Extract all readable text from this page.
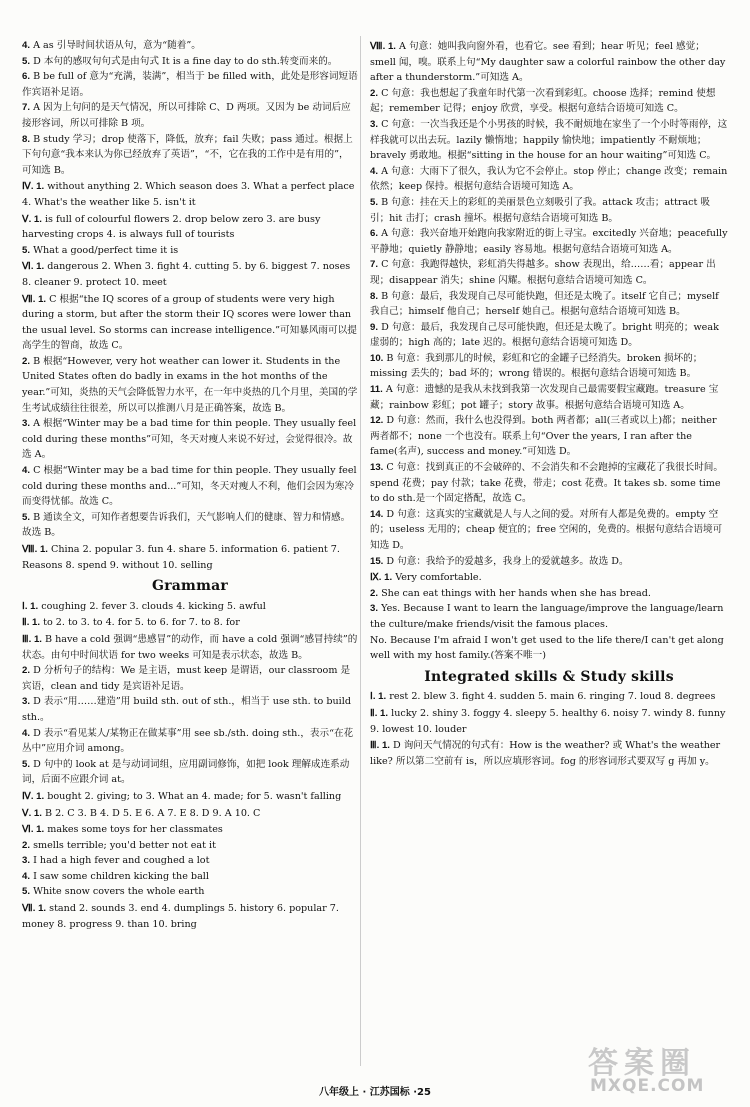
4. A as 引导时间状语从句，意为“随着”。
5. D 本句的感叹句句式是由句式 It is a fine day to do sth.转变而来的。
6. B be full of 意为“充满，装满”，相当于 be filled with，此处是形容词短语作宾语补足语。
7. A 因为上句问的是天气情况，所以可排除 C、D 两项。又因为 be 动词后应接形容词，所以可排除 B 项。
8. B study 学习；drop 使落下，降低，放弃；fail 失败；pass 通过。根据上下句句意“我本来认为你已经放弃了英语”，“不，它在我的工作中是有用的”，可知选 B。
Ⅳ. 1. without anything 2. Which season does 3. What a perfect place 4. What's the weather like 5. isn't it
Ⅴ. 1. is full of colourful flowers 2. drop below zero 3. are busy harvesting crops 4. is always full of tourists
5. What a good/perfect time it is
Ⅵ. 1. dangerous 2. When 3. fight 4. cutting 5. by 6. biggest 7. noses 8. cleaner 9. protect 10. meet
Ⅶ. 1. C 根据“the IQ scores of a group of students were very high during a storm, but after the storm their IQ scores were lower than the usual level. So storms can increase intelligence.”可知暴风雨可以提高学生的智商，故选 C。
2. B 根据“However, very hot weather can lower it. Students in the United States often do badly in exams in the hot months of the year.”可知，炎热的天气会降低智力水平，在一年中炎热的几个月里，美国的学生考试成绩往往很差，所以可以推测八月是正确答案，故选 B。
3. A 根据“Winter may be a bad time for thin people. They usually feel cold during these months”可知，冬天对瘦人来说不好过，会觉得很冷。故选 A。
4. C 根据“Winter may be a bad time for thin people. They usually feel cold during these months and...”可知，冬天对瘦人不利，他们会因为寒冷而变得忧郁。故选 C。
5. B 通读全文，可知作者想要告诉我们，天气影响人们的健康、智力和情感。故选 B。
Ⅷ. 1. China 2. popular 3. fun 4. share 5. information 6. patient 7. Reasons 8. spend 9. without 10. selling
Grammar
Ⅰ. 1. coughing 2. fever 3. clouds 4. kicking 5. awful
Ⅱ. 1. to 2. to 3. to 4. for 5. to 6. for 7. to 8. for
Ⅲ. 1. B have a cold 强调“患感冒”的动作，而 have a cold 强调“感冒持续”的状态。由句中时间状语 for two weeks 可知是表示状态，故选 B。
2. D 分析句子的结构：We 是主语，must keep 是谓语，our classroom 是宾语，clean and tidy 是宾语补足语。
3. D 表示“用……建造”用 build sth. out of sth.，相当于 use sth. to build sth.。
4. D 表示“看见某人/某物正在做某事”用 see sb./sth. doing sth.，表示“在花丛中”应用介词 among。
5. D 句中的 look at 是与动词词组，应用副词修饰，如把 look 理解成连系动词，后面不应跟介词 at。
Ⅳ. 1. bought 2. giving; to 3. What an 4. made; for 5. wasn't falling
Ⅴ. 1. B 2. C 3. B 4. D 5. E 6. A 7. E 8. D 9. A 10. C
Ⅵ. 1. makes some toys for her classmates
2. smells terrible; you'd better not eat it
3. I had a high fever and coughed a lot
4. I saw some children kicking the ball
5. White snow covers the whole earth
Ⅶ. 1. stand 2. sounds 3. end 4. dumplings 5. history 6. popular 7. money 8. progress 9. than 10. bring
Ⅷ. 1. A 句意：她叫我向窗外看，也看它。see 看到；hear 听见；feel 感觉；smell 闻，嗅。联系上句“My daughter saw a colorful rainbow the other day after a thunderstorm.”可知选 A。
2. C 句意：我也想起了我童年时代第一次看到彩虹。choose 选择；remind 使想起；remember 记得；enjoy 欣赏，享受。根据句意结合语境可知选 C。
3. C 句意：一次当我还是个小男孩的时候，我不耐烦地在家坐了一个小时等雨停，这样我就可以出去玩。lazily 懒惰地；happily 愉快地；impatiently 不耐烦地；bravely 勇敢地。根据“sitting in the house for an hour waiting”可知选 C。
4. A 句意：大雨下了很久，我认为它不会停止。stop 停止；change 改变；remain 依然；keep 保持。根据句意结合语境可知选 A。
5. B 句意：挂在天上的彩虹的美丽景色立刻吸引了我。attack 攻击；attract 吸引；hit 击打；crash 撞坏。根据句意结合语境可知选 B。
6. A 句意：我兴奋地开始跑向我家附近的街上寻宝。excitedly 兴奋地；peacefully 平静地；quietly 静静地；easily 容易地。根据句意结合语境可知选 A。
7. C 句意：我跑得越快，彩虹消失得越多。show 表现出，给……看；appear 出现；disappear 消失；shine 闪耀。根据句意结合语境可知选 C。
8. B 句意：最后，我发现自己尽可能快跑，但还是太晚了。itself 它自己；myself 我自己；himself 他自己；herself 她自己。根据句意结合语境可知选 B。
9. D 句意：最后，我发现自己尽可能快跑，但还是太晚了。bright 明亮的；weak 虚弱的；high 高的；late 迟的。根据句意结合语境可知选 D。
10. B 句意：我到那儿的时候，彩虹和它的金罐子已经消失。broken 损坏的；missing 丢失的；bad 坏的；wrong 错误的。根据句意结合语境可知选 B。
11. A 句意：遗憾的是我从未找到我第一次发现自己最需要假宝藏跑。treasure 宝藏；rainbow 彩虹；pot 罐子；story 故事。根据句意结合语境可知选 A。
12. D 句意：然而，我什么也没得到。both 两者都；all(三者或以上)都；neither 两者都不；none 一个也没有。联系上句“Over the years, I ran after the fame(名声), success and money.”可知选 D。
13. C 句意：找到真正的不会破碎的、不会消失和不会跑掉的宝藏花了我很长时间。spend 花费；pay 付款；take 花费，带走；cost 花费。It takes sb. some time to do sth.是一个固定搭配，故选 C。
14. D 句意：这真实的宝藏就是人与人之间的爱。对所有人都是免费的。empty 空的；useless 无用的；cheap 便宜的；free 空闲的，免费的。根据句意结合语境可知选 D。
15. D 句意：我给予的爱越多，我身上的爱就越多。故选 D。
Ⅸ. 1. Very comfortable.
2. She can eat things with her hands when she has bread.
3. Yes. Because I want to learn the language/improve the language/learn the culture/make friends/visit the famous places.
No. Because I'm afraid I won't get used to the life there/I can't get along well with my host family.(答案不唯一)
Integrated skills & Study skills
Ⅰ. 1. rest 2. blew 3. fight 4. sudden 5. main 6. ringing 7. loud 8. degrees
Ⅱ. 1. lucky 2. shiny 3. foggy 4. sleepy 5. healthy 6. noisy 7. windy 8. funny 9. lowest 10. louder
Ⅲ. 1. D 询问天气情况的句式有：How is the weather? 或 What's the weather like? 所以第二空前有 is，所以应填形容词。fog 的形容词形式要双写 g 再加 y。
八年级上 · 江苏国标 ·25
答案圈
MXQE.COM
